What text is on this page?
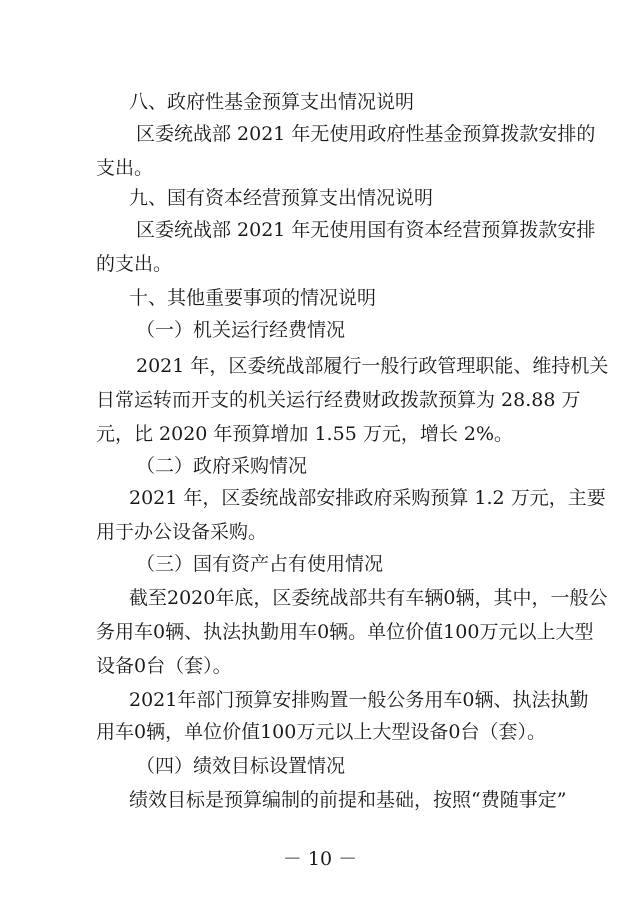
八、政府性基金预算支出情况说明
区委统战部 2021 年无使用政府性基金预算拨款安排的
支出。
九、国有资本经营预算支出情况说明
区委统战部 2021 年无使用国有资本经营预算拨款安排
的支出。
十、其他重要事项的情况说明
（一）机关运行经费情况
2021 年，区委统战部履行一般行政管理职能、维持机关
日常运转而开支的机关运行经费财政拨款预算为 28.88 万
元，比 2020 年预算增加 1.55 万元，增长 2%。
（二）政府采购情况
2021 年，区委统战部安排政府采购预算 1.2 万元，主要
用于办公设备采购。
（三）国有资产占有使用情况
截至2020年底，区委统战部共有车辆0辆，其中，一般公
务用车0辆、执法执勤用车0辆。单位价值100万元以上大型
设备0台（套）。
2021年部门预算安排购置一般公务用车0辆、执法执勤
用车0辆，单位价值100万元以上大型设备0台（套）。
（四）绩效目标设置情况
绩效目标是预算编制的前提和基础，按照“费随事定”
－ 10 －
